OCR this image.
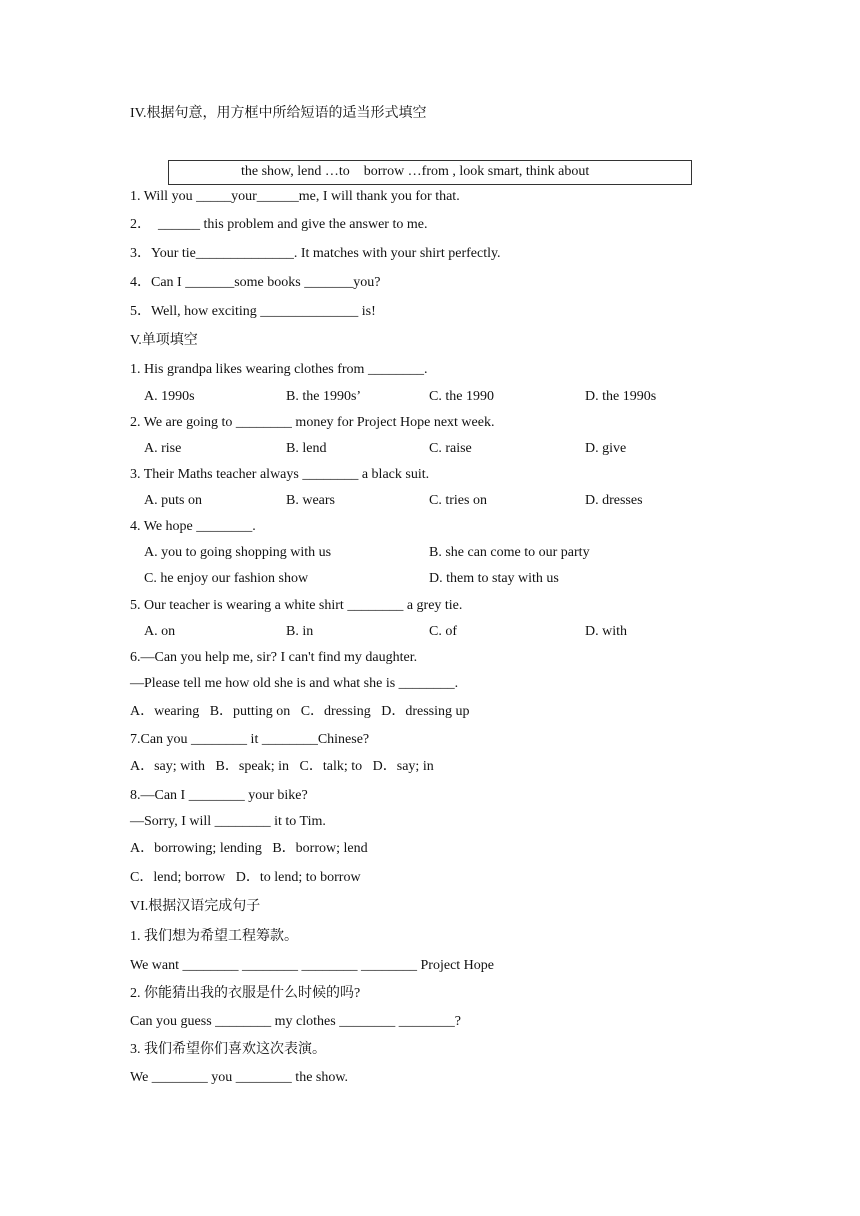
IV.根据句意，用方框中所给短语的适当形式填空
the show, lend …to    borrow …from , look smart, think about
1. Will you _____your______me, I will thank you for that.
2．  ______ this problem and give the answer to me.
3．Your tie______________. It matches with your shirt perfectly.
4．Can I _______some books _______you?
5．Well, how exciting ______________ is!
V.单项填空
1. His grandpa likes wearing clothes from ________.
A. 1990s	B. the 1990s’	C. the 1990	D. the 1990s
2. We are going to ________ money for Project Hope next week.
A. rise	B. lend	C. raise	D. give
3. Their Maths teacher always ________ a black suit.
A. puts on	B. wears	C. tries on	D. dresses
4. We hope ________.
A. you to going shopping with us	B. she can come to our party
C. he enjoy our fashion show	D. them to stay with us
5. Our teacher is wearing a white shirt ________ a grey tie.
A. on	B. in	C. of	D. with
6.—Can you help me, sir? I can't find my daughter.
—Please tell me how old she is and what she is ________.
A．wearing   B．putting on   C．dressing   D．dressing up
7.Can you ________ it ________Chinese?
A．say; with   B．speak; in   C．talk; to   D．say; in
8.—Can I ________ your bike?
—Sorry, I will ________ it to Tim.
A．borrowing; lending   B．borrow; lend
C．lend; borrow   D．to lend; to borrow
VI.根据汉语完成句子
1. 我们想为希望工程筹款。
We want ________ ________ ________ ________ Project Hope
2. 你能猜出我的衣服是什么时候的吗?
Can you guess ________ my clothes ________ ________?
3. 我们希望你们喜欢这次表演。
We ________ you ________ the show.
